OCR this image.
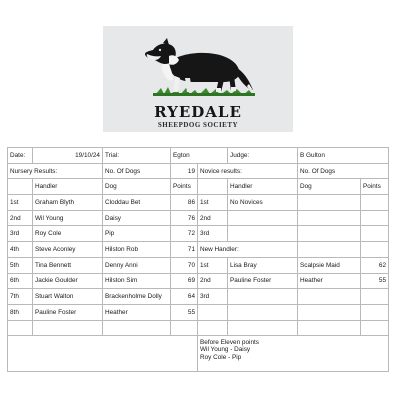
RYEDALE
SHEEPDOG SOCIETY
Date:	19/10/24	Trial:	Egton		Judge:	B Gulton	
Nursery Results:		No. Of Dogs	19	Novice results:		No. Of Dogs	
	Handler	Dog	Points		Handler	Dog	Points
1st	Graham Blyth	Cloddau Bet	86	1st	No Novices		
2nd	Wil Young	Daisy	76	2nd			
3rd	Roy Cole	Pip	72	3rd			
4th	Steve Aconley	Hilston Rob	71	New Handler:			
5th	Tina Bennett	Denny Anni	70	1st	Lisa Bray	Scalpsie Maid	62
6th	Jackie Goulder	Hilston Sim	69	2nd	Pauline Foster	Heather	55
7th	Stuart Walton	Brackenholme Dolly	64	3rd			
8th	Pauline Foster	Heather	55				

				Before Eleven points
Wil Young - Daisy
Roy Cole - Pip			
